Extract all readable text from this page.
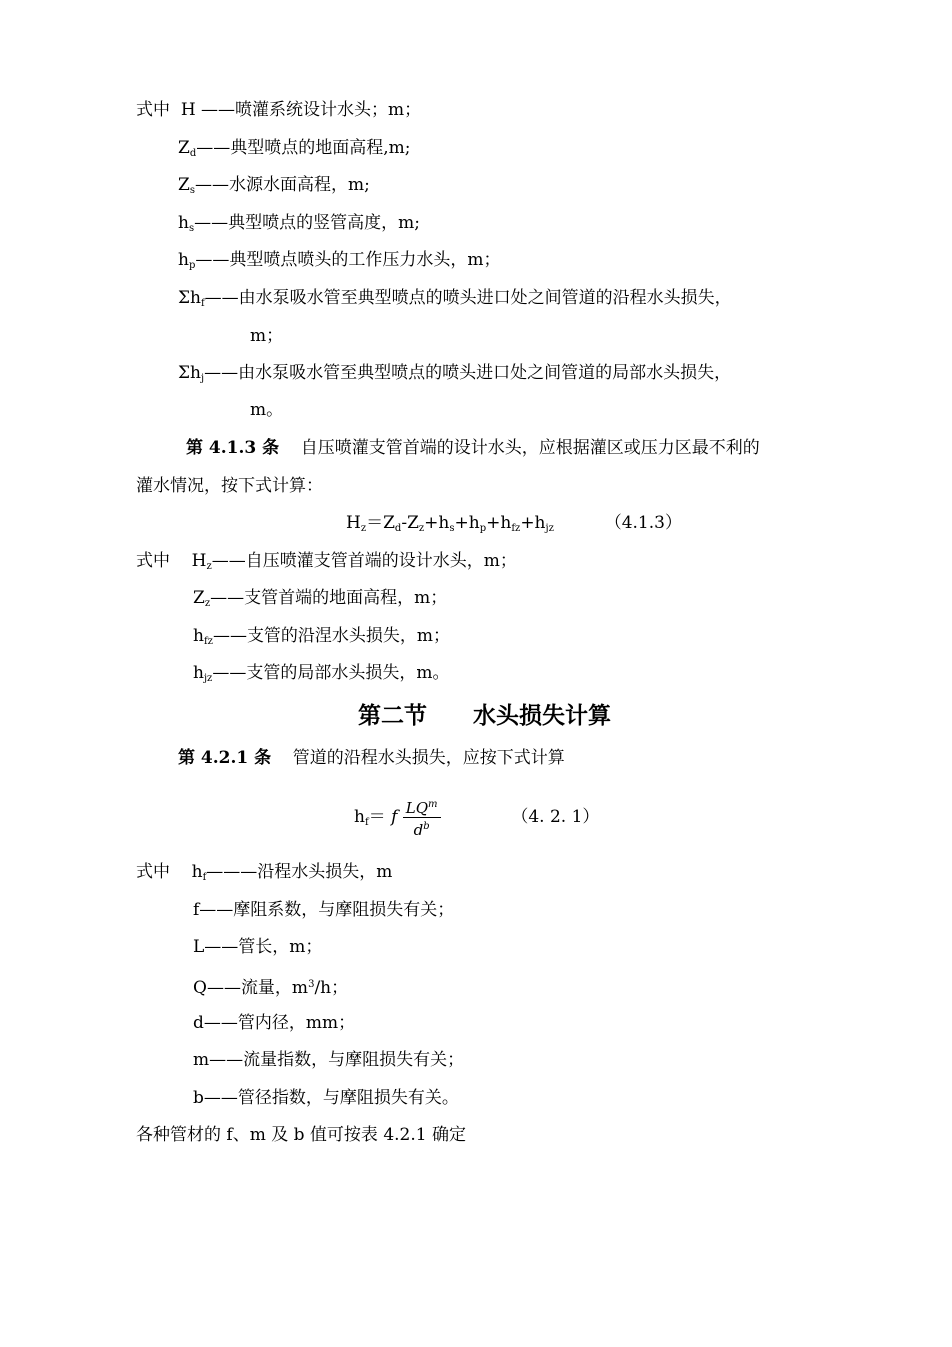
式中 H ——喷灌系统设计水头；m；
$Z_d——$典型喷点的地面高程,m;
$Z_s——$水源水面高程，m;
$h_s——$典型喷点的竖管高度，m;
$h_p——$典型喷点喷头的工作压力水头，m；
$\Sigma h_f——$由水泵吸水管至典型喷点的喷头进口处之间管道的沿程水头损失，
m；
$\Sigma h_j——$由水泵吸水管至典型喷点的喷头进口处之间管道的局部水头损失，
m。
第 4.1.3 条 自压喷灌支管首端的设计水头，应根据灌区或压力区最不利的
灌水情况，按下式计算：
$H_z=Z_d-Z_z+h_s+h_p+h_{fz}+h_{jz}$	（4.1.3）
式中 $H_z——$自压喷灌支管首端的设计水头，m；
$Z_z——$支管首端的地面高程，m；
$h_{fz}——$支管的沿涅水头损失，m；
$h_{jz}——$支管的局部水头损失，m。
第二节 水头损失计算
第 4.2.1 条 管道的沿程水头损失，应按下式计算
$h_f= f \frac{LQ^m}{d^b}$	（4. 2. 1）
式中 $h_f———$沿程水头损失，m
f——摩阻系数，与摩阻损失有关；
L——管长，m；
Q——流量，$m^3/h$；
d——管内径，mm；
m——流量指数，与摩阻损失有关；
b——管径指数，与摩阻损失有关。
各种管材的 f、m 及 b 值可按表 4.2.1 确定
